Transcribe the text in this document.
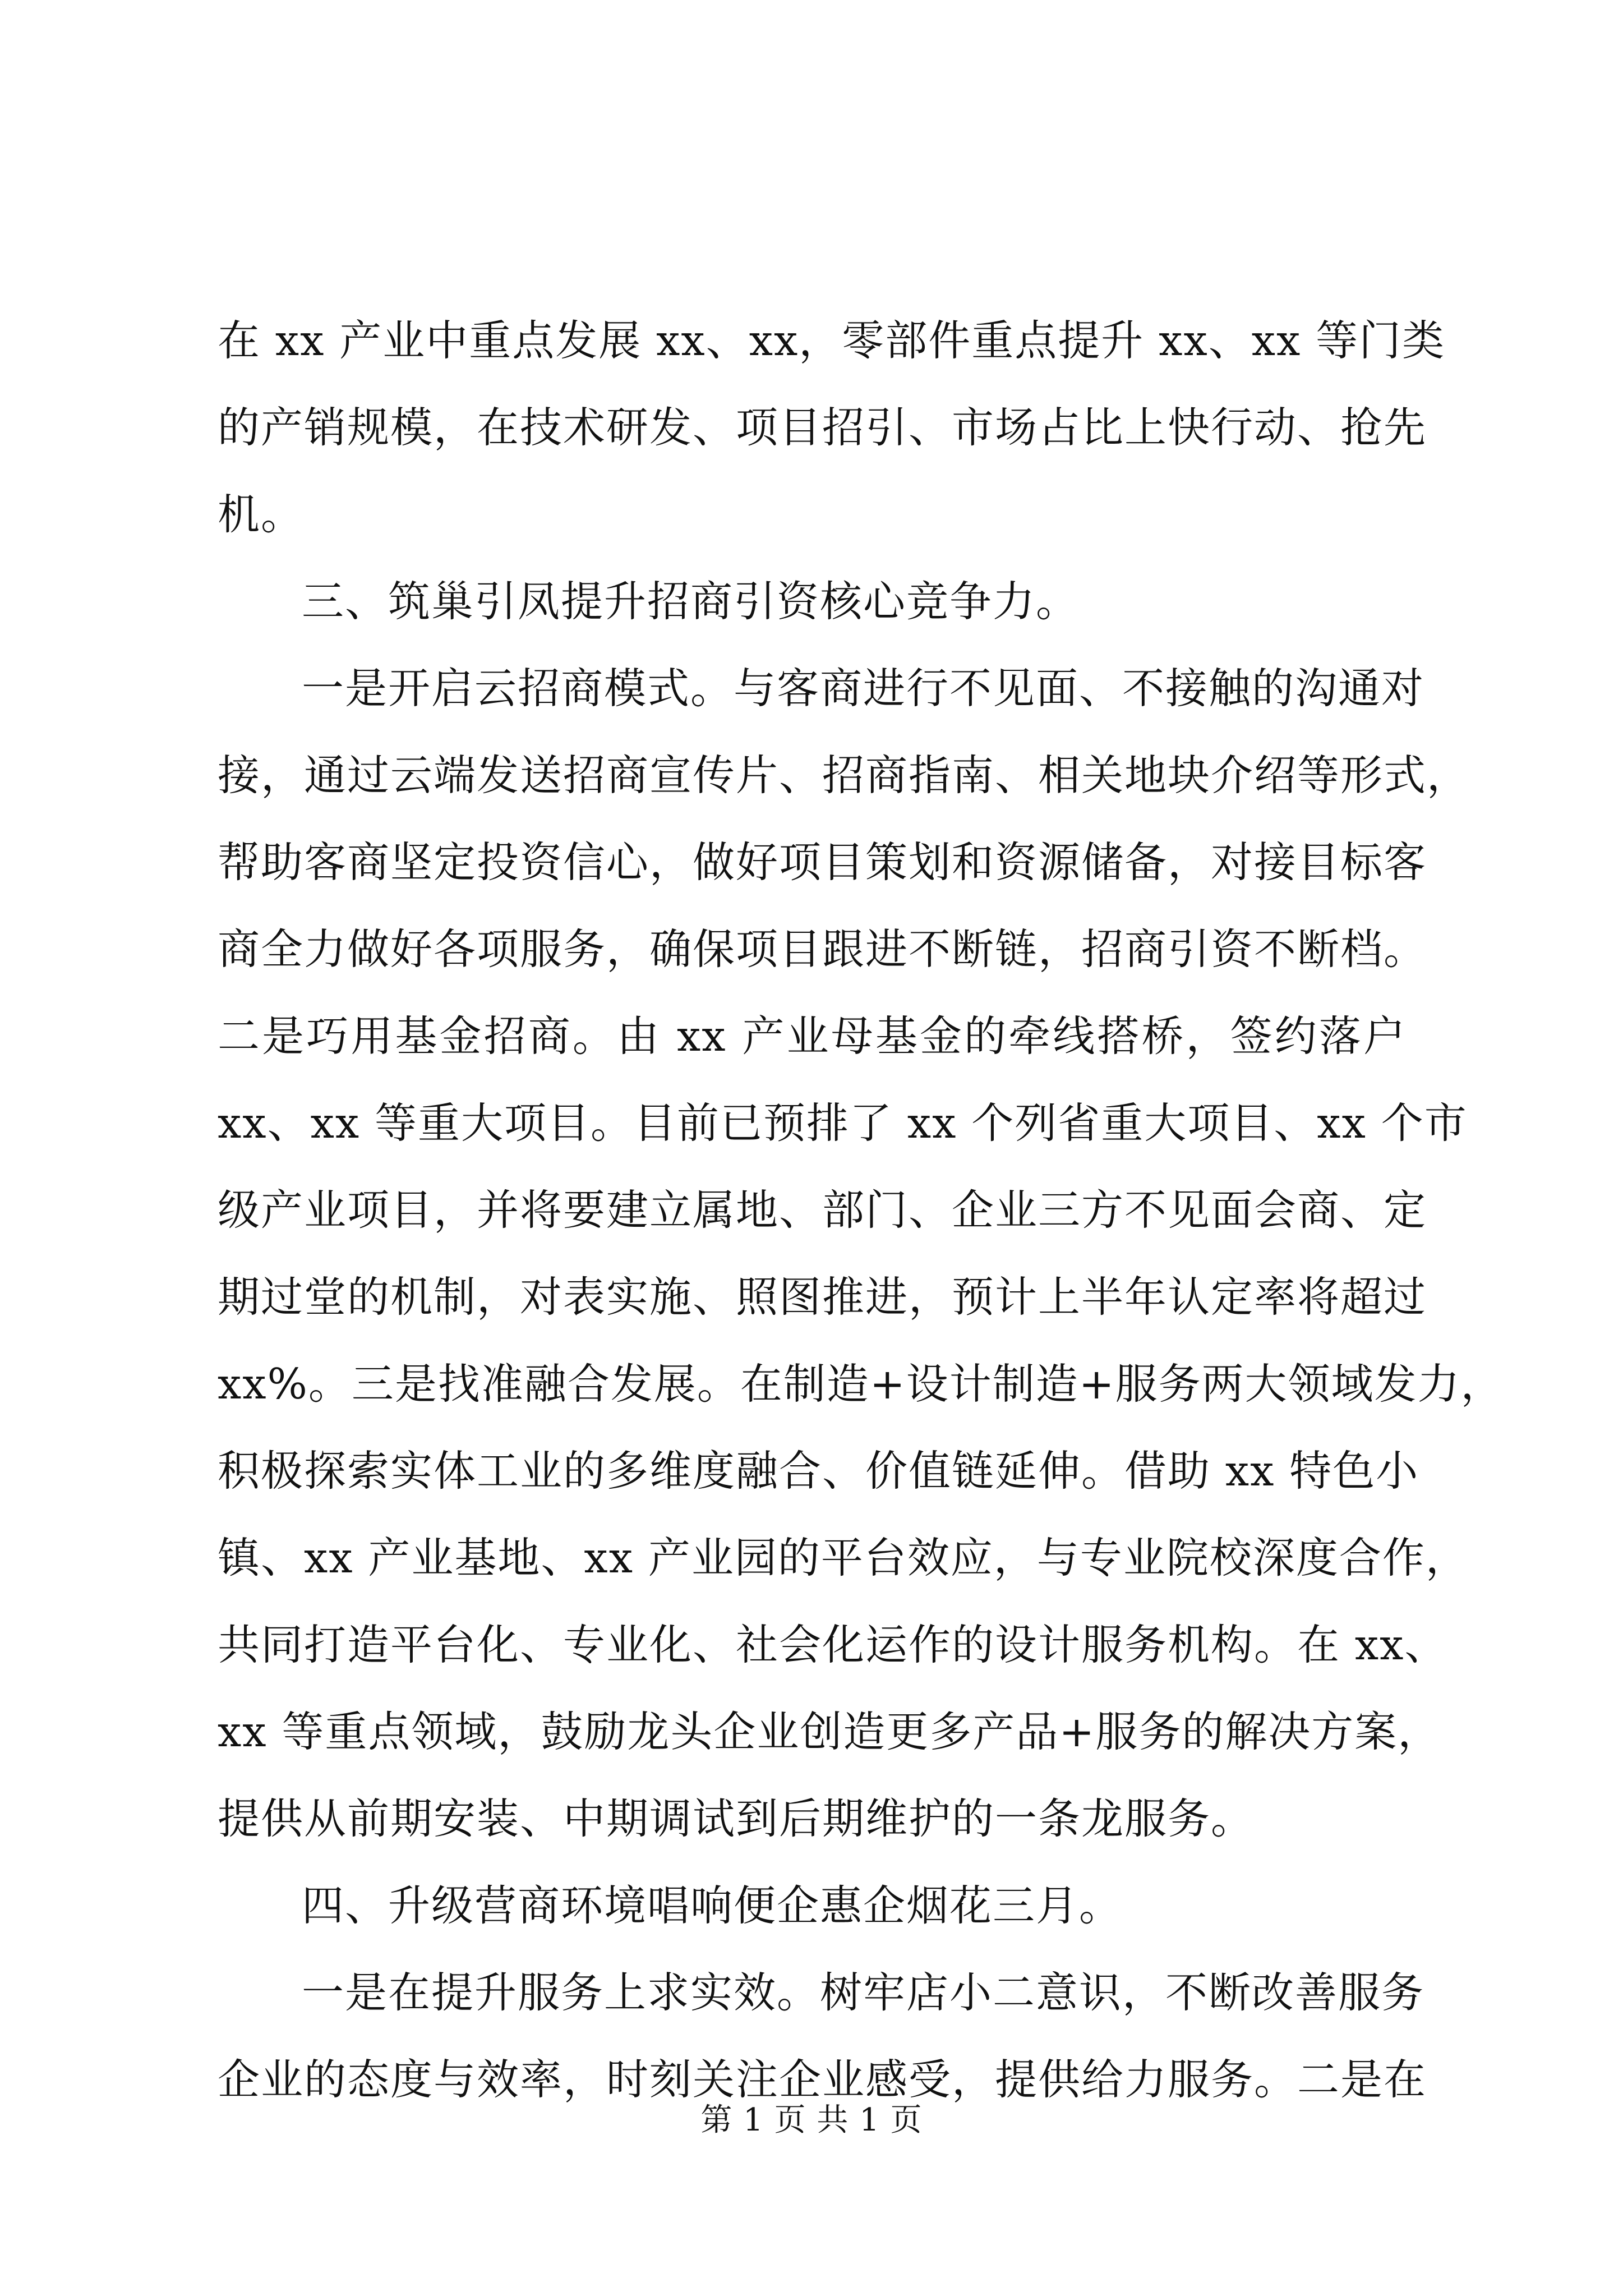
在 xx 产业中重点发展 xx、xx，零部件重点提升 xx、xx 等门类
的产销规模，在技术研发、项目招引、市场占比上快行动、抢先
机。
三、筑巢引凤提升招商引资核心竞争力。
一是开启云招商模式。与客商进行不见面、不接触的沟通对
接，通过云端发送招商宣传片、招商指南、相关地块介绍等形式，
帮助客商坚定投资信心，做好项目策划和资源储备，对接目标客
商全力做好各项服务，确保项目跟进不断链，招商引资不断档。
二是巧用基金招商。由 xx 产业母基金的牵线搭桥，签约落户
xx、xx 等重大项目。目前已预排了 xx 个列省重大项目、xx 个市
级产业项目，并将要建立属地、部门、企业三方不见面会商、定
期过堂的机制，对表实施、照图推进，预计上半年认定率将超过
xx%。三是找准融合发展。在制造+设计制造+服务两大领域发力，
积极探索实体工业的多维度融合、价值链延伸。借助 xx 特色小
镇、xx 产业基地、xx 产业园的平台效应，与专业院校深度合作，
共同打造平台化、专业化、社会化运作的设计服务机构。在 xx、
xx 等重点领域，鼓励龙头企业创造更多产品+服务的解决方案，
提供从前期安装、中期调试到后期维护的一条龙服务。
四、升级营商环境唱响便企惠企烟花三月。
一是在提升服务上求实效。树牢店小二意识，不断改善服务
企业的态度与效率，时刻关注企业感受，提供给力服务。二是在
第 1 页 共 1 页
